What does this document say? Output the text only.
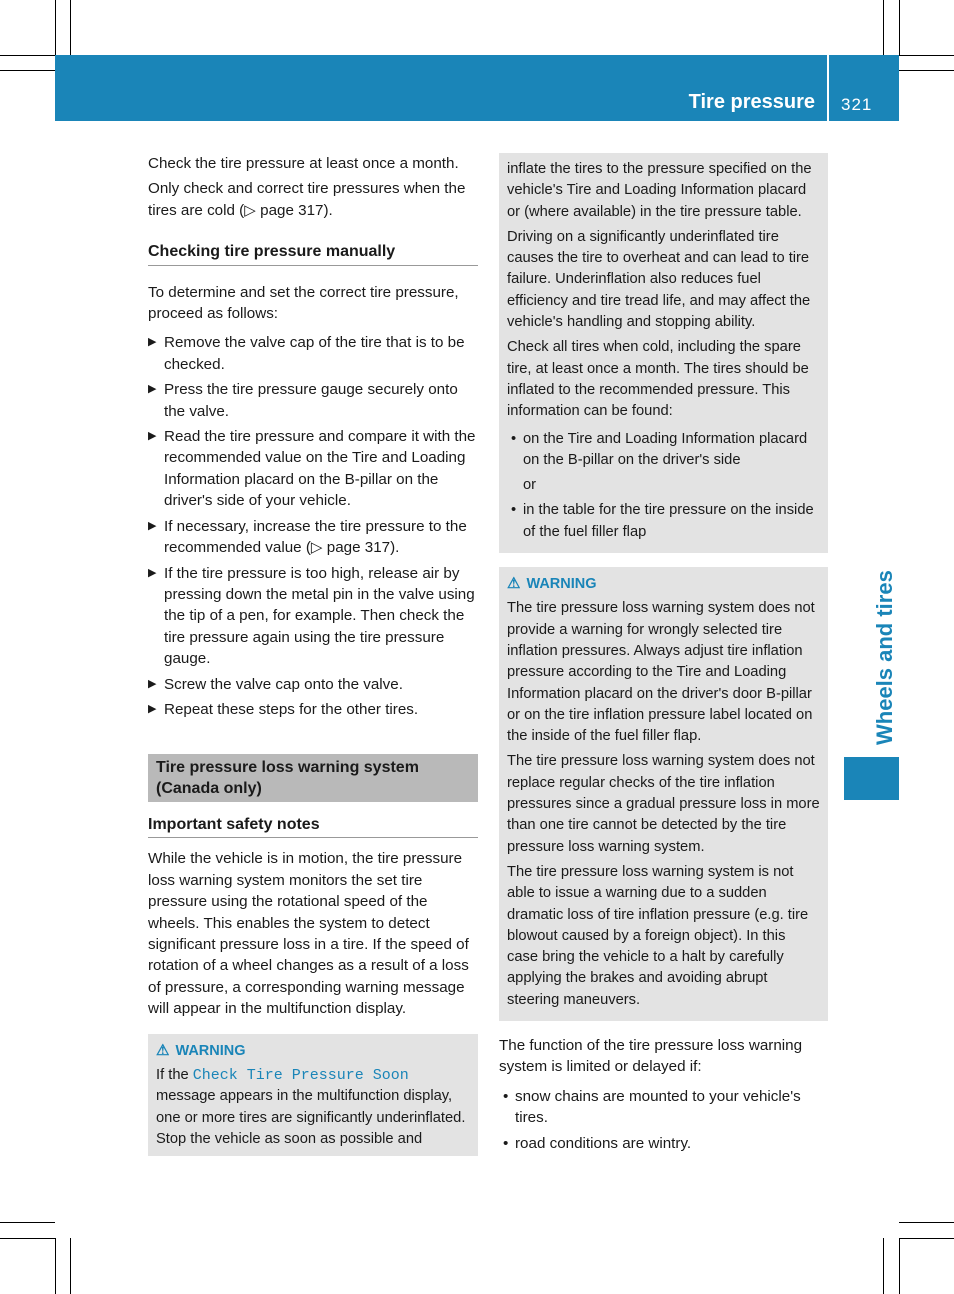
Tire pressure 321
Wheels and tires

Check the tire pressure at least once a month.

Only check and correct tire pressures when the tires are cold (▷ page 317).

Checking tire pressure manually

To determine and set the correct tire pressure, proceed as follows:

▶ Remove the valve cap of the tire that is to be checked.
▶ Press the tire pressure gauge securely onto the valve.
▶ Read the tire pressure and compare it with the recommended value on the Tire and Loading Information placard on the B-pillar on the driver's side of your vehicle.
▶ If necessary, increase the tire pressure to the recommended value (▷ page 317).
▶ If the tire pressure is too high, release air by pressing down the metal pin in the valve using the tip of a pen, for example. Then check the tire pressure again using the tire pressure gauge.
▶ Screw the valve cap onto the valve.
▶ Repeat these steps for the other tires.
Tire pressure loss warning system (Canada only)
Important safety notes

While the vehicle is in motion, the tire pressure loss warning system monitors the set tire pressure using the rotational speed of the wheels. This enables the system to detect significant pressure loss in a tire. If the speed of rotation of a wheel changes as a result of a loss of pressure, a corresponding warning message will appear in the multifunction display.

⚠ WARNING
If the Check Tire Pressure Soon message appears in the multifunction display, one or more tires are significantly underinflated. Stop the vehicle as soon as possible and

inflate the tires to the pressure specified on the vehicle's Tire and Loading Information placard or (where available) in the tire pressure table.

Driving on a significantly underinflated tire causes the tire to overheat and can lead to tire failure. Underinflation also reduces fuel efficiency and tire tread life, and may affect the vehicle's handling and stopping ability.

Check all tires when cold, including the spare tire, at least once a month. The tires should be inflated to the recommended pressure. This information can be found:

• on the Tire and Loading Information placard on the B-pillar on the driver's side
or
• in the table for the tire pressure on the inside of the fuel filler flap
⚠ WARNING

The tire pressure loss warning system does not provide a warning for wrongly selected tire inflation pressures. Always adjust tire inflation pressure according to the Tire and Loading Information placard on the driver's door B-pillar or on the tire inflation pressure label located on the inside of the fuel filler flap.

The tire pressure loss warning system does not replace regular checks of the tire inflation pressures since a gradual pressure loss in more than one tire cannot be detected by the tire pressure loss warning system.

The tire pressure loss warning system is not able to issue a warning due to a sudden dramatic loss of tire inflation pressure (e.g. tire blowout caused by a foreign object). In this case bring the vehicle to a halt by carefully applying the brakes and avoiding abrupt steering maneuvers.

The function of the tire pressure loss warning system is limited or delayed if:

• snow chains are mounted to your vehicle's tires.
• road conditions are wintry.
